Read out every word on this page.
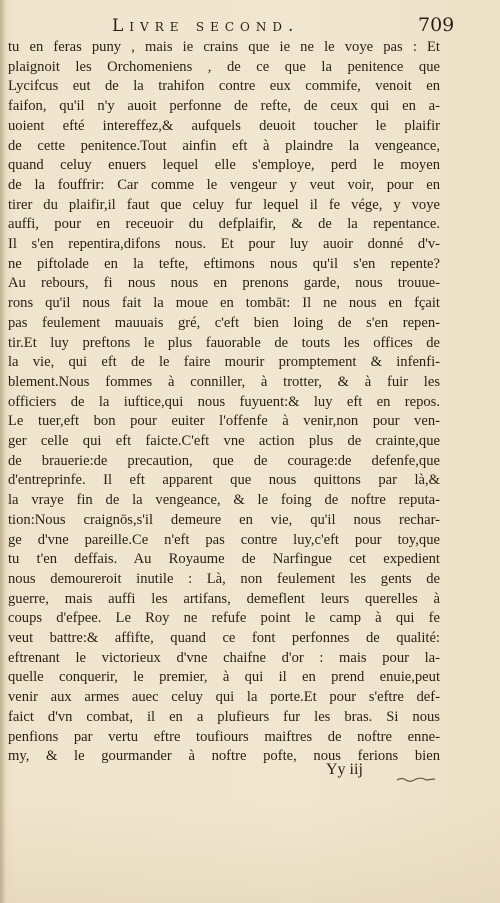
Livre second.	709
tu en feras puny , mais ie crains que ie ne le voye pas : Et
plaignoit les Orchomeniens , de ce que la penitence que
Lycifcus eut de la trahifon contre eux commife, venoit en
faifon, qu'il n'y auoit perfonne de refte, de ceux qui en a-
uoient efté intereffez,& aufquels deuoit toucher le plaifir
de cette penitence.Tout ainfin eft à plaindre la vengeance,
quand celuy enuers lequel elle s'employe, perd le moyen
de la fouffrir: Car comme le vengeur y veut voir, pour en
tirer du plaifir,il faut que celuy fur lequel il fe vége, y voye
auffi, pour en receuoir du defplaifir, & de la repentance.
Il s'en repentira,difons nous. Et pour luy auoir donné d'v-
ne piftolade en la tefte, eftimons nous qu'il s'en repente?
Au rebours, fi nous nous en prenons garde, nous trouue-
rons qu'il nous fait la moue en tombāt: Il ne nous en fçait
pas feulement mauuais gré, c'eft bien loing de s'en repen-
tir.Et luy preftons le plus fauorable de touts les offices de
la vie, qui eft de le faire mourir promptement & infenfi-
blement.Nous fommes à conniller, à trotter, & à fuir les
officiers de la iuftice,qui nous fuyuent:& luy eft en repos.
Le tuer,eft bon pour euiter l'offenfe à venir,non pour ven-
ger celle qui eft faicte.C'eft vne action plus de crainte,que
de brauerie:de precaution, que de courage:de defenfe,que
d'entreprinfe. Il eft apparent que nous quittons par là,&
la vraye fin de la vengeance, & le foing de noftre reputa-
tion:Nous craignōs,s'il demeure en vie, qu'il nous rechar-
ge d'vne pareille.Ce n'eft pas contre luy,c'eft pour toy,que
tu t'en deffais. Au Royaume de Narfingue cet expedient
nous demoureroit inutile : Là, non feulement les gents de
guerre, mais auffi les artifans, demeflent leurs querelles à
coups d'efpee. Le Roy ne refufe point le camp à qui fe
veut battre:& affifte, quand ce font perfonnes de qualité:
eftrenant le victorieux d'vne chaifne d'or : mais pour la-
quelle conquerir, le premier, à qui il en prend enuie,peut
venir aux armes auec celuy qui la porte.Et pour s'eftre def-
faict d'vn combat, il en a plufieurs fur les bras. Si nous
penfions par vertu eftre toufiours maiftres de noftre enne-
my, & le gourmander à noftre pofte, nous ferions bien
Yy iij
